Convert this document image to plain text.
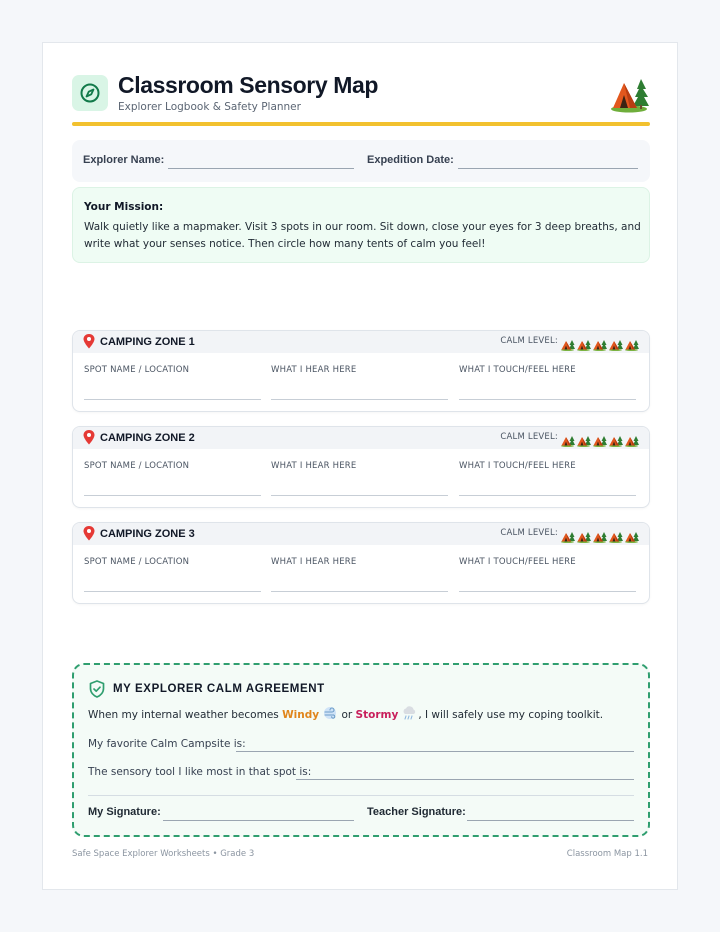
Classroom Sensory Map
Explorer Logbook & Safety Planner
Explorer Name:	Expedition Date:
Your Mission:
Walk quietly like a mapmaker. Visit 3 spots in our room. Sit down, close your eyes for 3 deep breaths, and write what your senses notice. Then circle how many tents of calm you feel!
CAMPING ZONE 1	CALM LEVEL:
SPOT NAME / LOCATION	WHAT I HEAR HERE	WHAT I TOUCH/FEEL HERE
CAMPING ZONE 2	CALM LEVEL:
SPOT NAME / LOCATION	WHAT I HEAR HERE	WHAT I TOUCH/FEEL HERE
CAMPING ZONE 3	CALM LEVEL:
SPOT NAME / LOCATION	WHAT I HEAR HERE	WHAT I TOUCH/FEEL HERE
MY EXPLORER CALM AGREEMENT
When my internal weather becomes Windy or Stormy , I will safely use my coping toolkit.
My favorite Calm Campsite is:
The sensory tool I like most in that spot is:
My Signature:	Teacher Signature:
Safe Space Explorer Worksheets • Grade 3	Classroom Map 1.1
